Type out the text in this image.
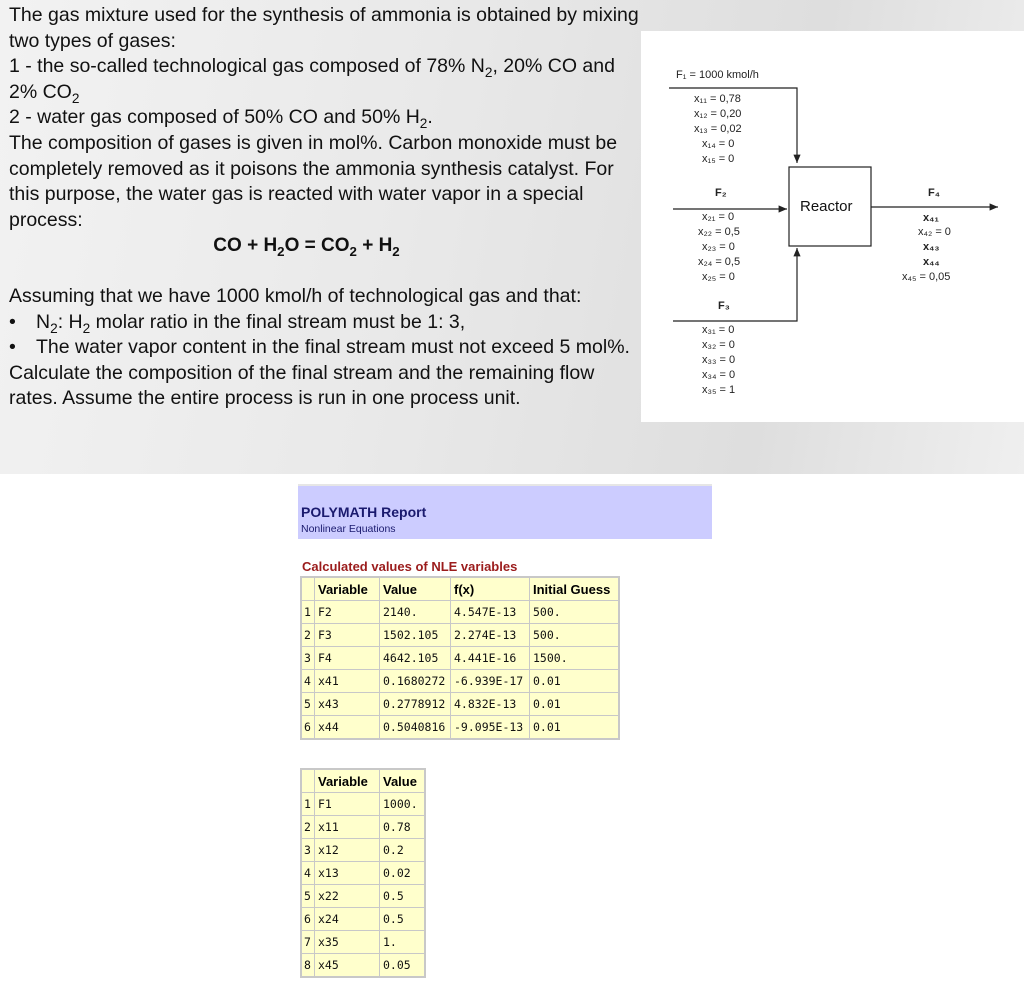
The gas mixture used for the synthesis of ammonia is obtained by mixing two types of gases:

1 - the so-called technological gas composed of 78% $N_2$, 20% CO and 2% $CO_2$

2 - water gas composed of 50% CO and 50% $H_2$.

The composition of gases is given in mol%. Carbon monoxide must be completely removed as it poisons the ammonia synthesis catalyst. For this purpose, the water gas is reacted with water vapor in a special process:

CO + $H_2O = CO_2 + H_2$

Assuming that we have 1000 kmol/h of technological gas and that:

• $N_2$: $H_2$ molar ratio in the final stream must be 1: 3,
• The water vapor content in the final stream must not exceed 5 mol%.

Calculate the composition of the final stream and the remaining flow rates. Assume the entire process is run in one process unit.

F₁ = 1000 kmol/h
x₁₁ = 0,78
x₁₂ = 0,20
x₁₃ = 0,02
x₁₄ = 0
x₁₅ = 0
F₂
x₂₁ = 0
x₂₂ = 0,5
x₂₃ = 0
x₂₄ = 0,5
x₂₅ = 0
F₃
x₃₁ = 0
x₃₂ = 0
x₃₃ = 0
x₃₄ = 0
x₃₅ = 1
Reactor
F₄
x₄₁
x₄₂ = 0
x₄₃
x₄₄
x₄₅ = 0,05
POLYMATH Report
Nonlinear Equations
Calculated values of NLE variables
	Variable	Value	f(x)	Initial Guess
1	F2	2140.	4.547E-13	500.
2	F3	1502.105	2.274E-13	500.
3	F4	4642.105	4.441E-16	1500.
4	x41	0.1680272	-6.939E-17	0.01
5	x43	0.2778912	4.832E-13	0.01
6	x44	0.5040816	-9.095E-13	0.01
	Variable	Value
1	F1	1000.
2	x11	0.78
3	x12	0.2
4	x13	0.02
5	x22	0.5
6	x24	0.5
7	x35	1.
8	x45	0.05
